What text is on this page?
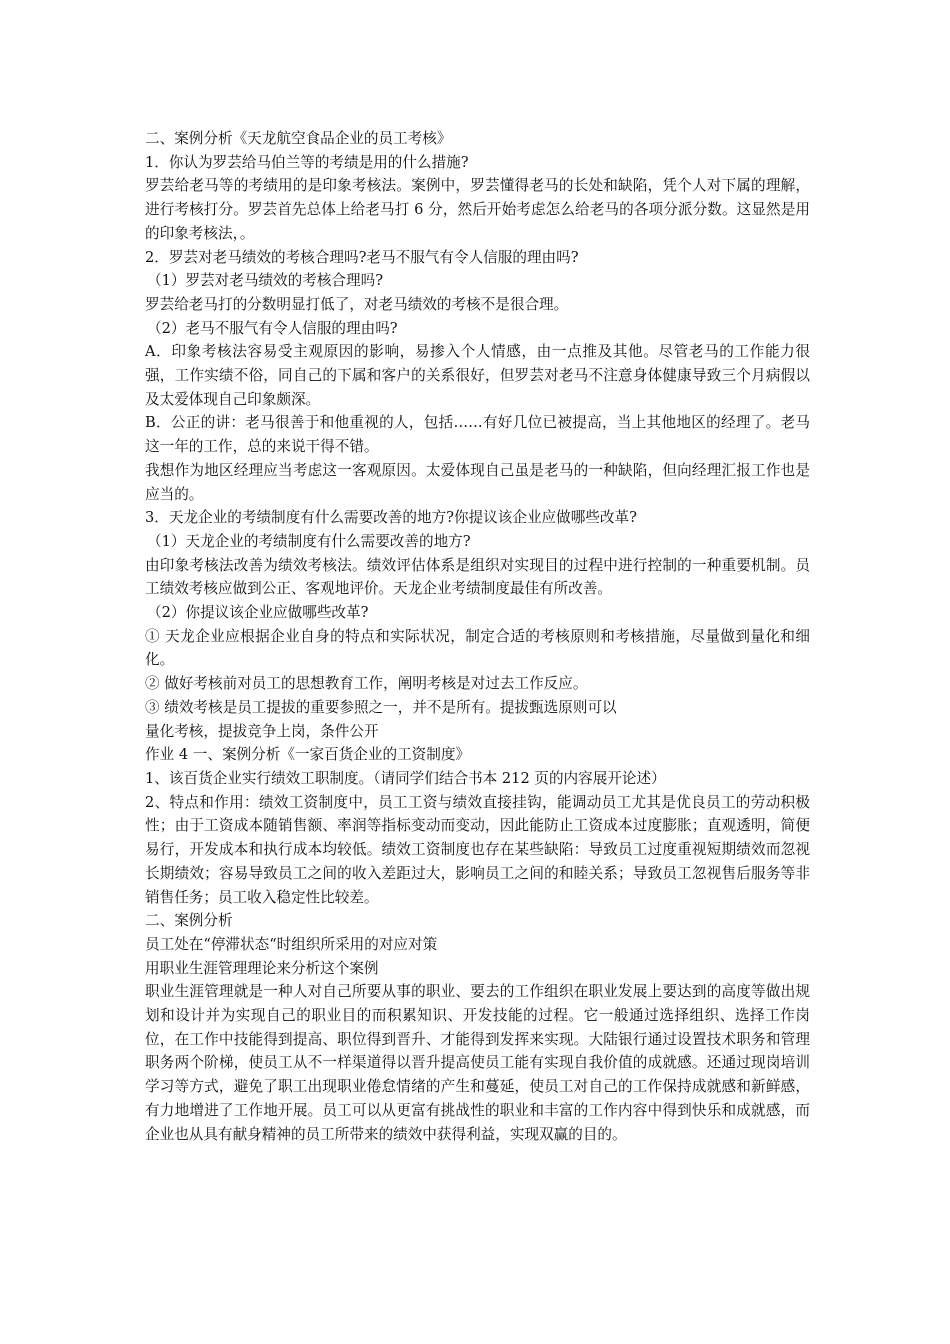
二、案例分析《天龙航空食品企业的员工考核》
1．你认为罗芸给马伯兰等的考绩是用的什么措施?
罗芸给老马等的考绩用的是印象考核法。案例中，罗芸懂得老马的长处和缺陷，凭个人对下属的理解，进行考核打分。罗芸首先总体上给老马打 6 分，然后开始考虑怎么给老马的各项分派分数。这显然是用的印象考核法，。
2．罗芸对老马绩效的考核合理吗?老马不服气有令人信服的理由吗?
（1）罗芸对老马绩效的考核合理吗?
罗芸给老马打的分数明显打低了，对老马绩效的考核不是很合理。
（2）老马不服气有令人信服的理由吗?
A．印象考核法容易受主观原因的影响，易掺入个人情感，由一点推及其他。尽管老马的工作能力很强，工作实绩不俗，同自己的下属和客户的关系很好，但罗芸对老马不注意身体健康导致三个月病假以及太爱体现自己印象颇深。
B．公正的讲：老马很善于和他重视的人，包括……有好几位已被提高，当上其他地区的经理了。老马这一年的工作，总的来说干得不错。
我想作为地区经理应当考虑这一客观原因。太爱体现自己虽是老马的一种缺陷，但向经理汇报工作也是应当的。
3．天龙企业的考绩制度有什么需要改善的地方?你提议该企业应做哪些改革?
（1）天龙企业的考绩制度有什么需要改善的地方?
由印象考核法改善为绩效考核法。绩效评估体系是组织对实现目的过程中进行控制的一种重要机制。员工绩效考核应做到公正、客观地评价。天龙企业考绩制度最佳有所改善。
（2）你提议该企业应做哪些改革?
① 天龙企业应根据企业自身的特点和实际状况，制定合适的考核原则和考核措施，尽量做到量化和细化。
② 做好考核前对员工的思想教育工作，阐明考核是对过去工作反应。
③ 绩效考核是员工提拔的重要参照之一，并不是所有。提拔甄选原则可以
量化考核，提拔竞争上岗，条件公开
作业 4 一、案例分析《一家百货企业的工资制度》
1、该百货企业实行绩效工职制度。（请同学们结合书本 212 页的内容展开论述）
2、特点和作用：绩效工资制度中，员工工资与绩效直接挂钩，能调动员工尤其是优良员工的劳动积极性；由于工资成本随销售额、率润等指标变动而变动，因此能防止工资成本过度膨胀；直观透明，简便易行，开发成本和执行成本均较低。绩效工资制度也存在某些缺陷：导致员工过度重视短期绩效而忽视长期绩效；容易导致员工之间的收入差距过大，影响员工之间的和睦关系；导致员工忽视售后服务等非销售任务；员工收入稳定性比较差。
二、案例分析
员工处在“停滞状态“时组织所采用的对应对策
用职业生涯管理理论来分析这个案例
职业生涯管理就是一种人对自己所要从事的职业、要去的工作组织在职业发展上要达到的高度等做出规划和设计并为实现自己的职业目的而积累知识、开发技能的过程。它一般通过选择组织、选择工作岗位，在工作中技能得到提高、职位得到晋升、才能得到发挥来实现。大陆银行通过设置技术职务和管理职务两个阶梯，使员工从不一样渠道得以晋升提高使员工能有实现自我价值的成就感。还通过现岗培训学习等方式，避免了职工出现职业倦怠情绪的产生和蔓延，使员工对自己的工作保持成就感和新鲜感，有力地增进了工作地开展。员工可以从更富有挑战性的职业和丰富的工作内容中得到快乐和成就感，而企业也从具有献身精神的员工所带来的绩效中获得利益，实现双赢的目的。
